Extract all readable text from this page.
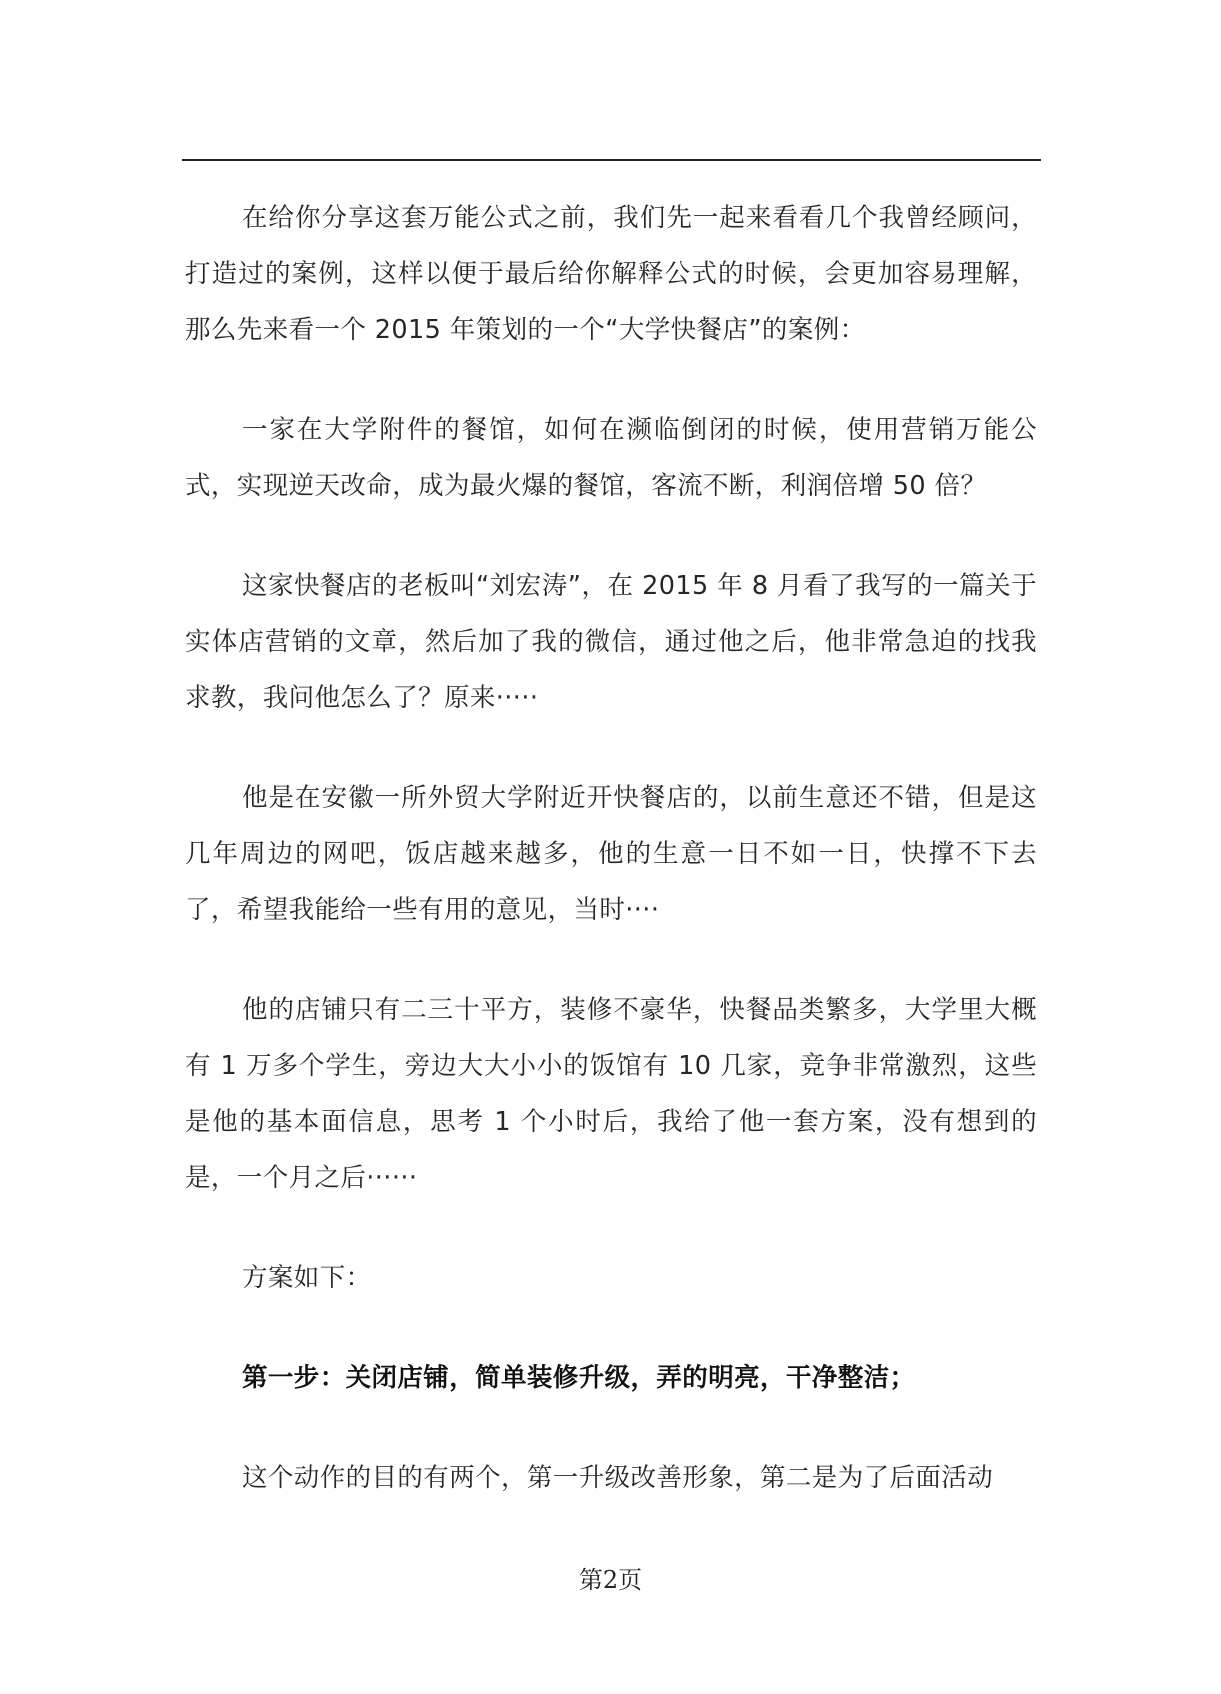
在给你分享这套万能公式之前，我们先一起来看看几个我曾经顾问，打造过的案例，这样以便于最后给你解释公式的时候，会更加容易理解，那么先来看一个 2015 年策划的一个“大学快餐店”的案例：

一家在大学附件的餐馆，如何在濒临倒闭的时候，使用营销万能公式，实现逆天改命，成为最火爆的餐馆，客流不断，利润倍增 50 倍？

这家快餐店的老板叫“刘宏涛”，在 2015 年 8 月看了我写的一篇关于实体店营销的文章，然后加了我的微信，通过他之后，他非常急迫的找我求教，我问他怎么了？原来·····

他是在安徽一所外贸大学附近开快餐店的，以前生意还不错，但是这几年周边的网吧，饭店越来越多，他的生意一日不如一日，快撑不下去了，希望我能给一些有用的意见，当时····

他的店铺只有二三十平方，装修不豪华，快餐品类繁多，大学里大概有 1 万多个学生，旁边大大小小的饭馆有 10 几家，竞争非常激烈，这些是他的基本面信息，思考 1 个小时后，我给了他一套方案，没有想到的是，一个月之后······

方案如下：

第一步：关闭店铺，简单装修升级，弄的明亮，干净整洁；

这个动作的目的有两个，第一升级改善形象，第二是为了后面活动

第2页
